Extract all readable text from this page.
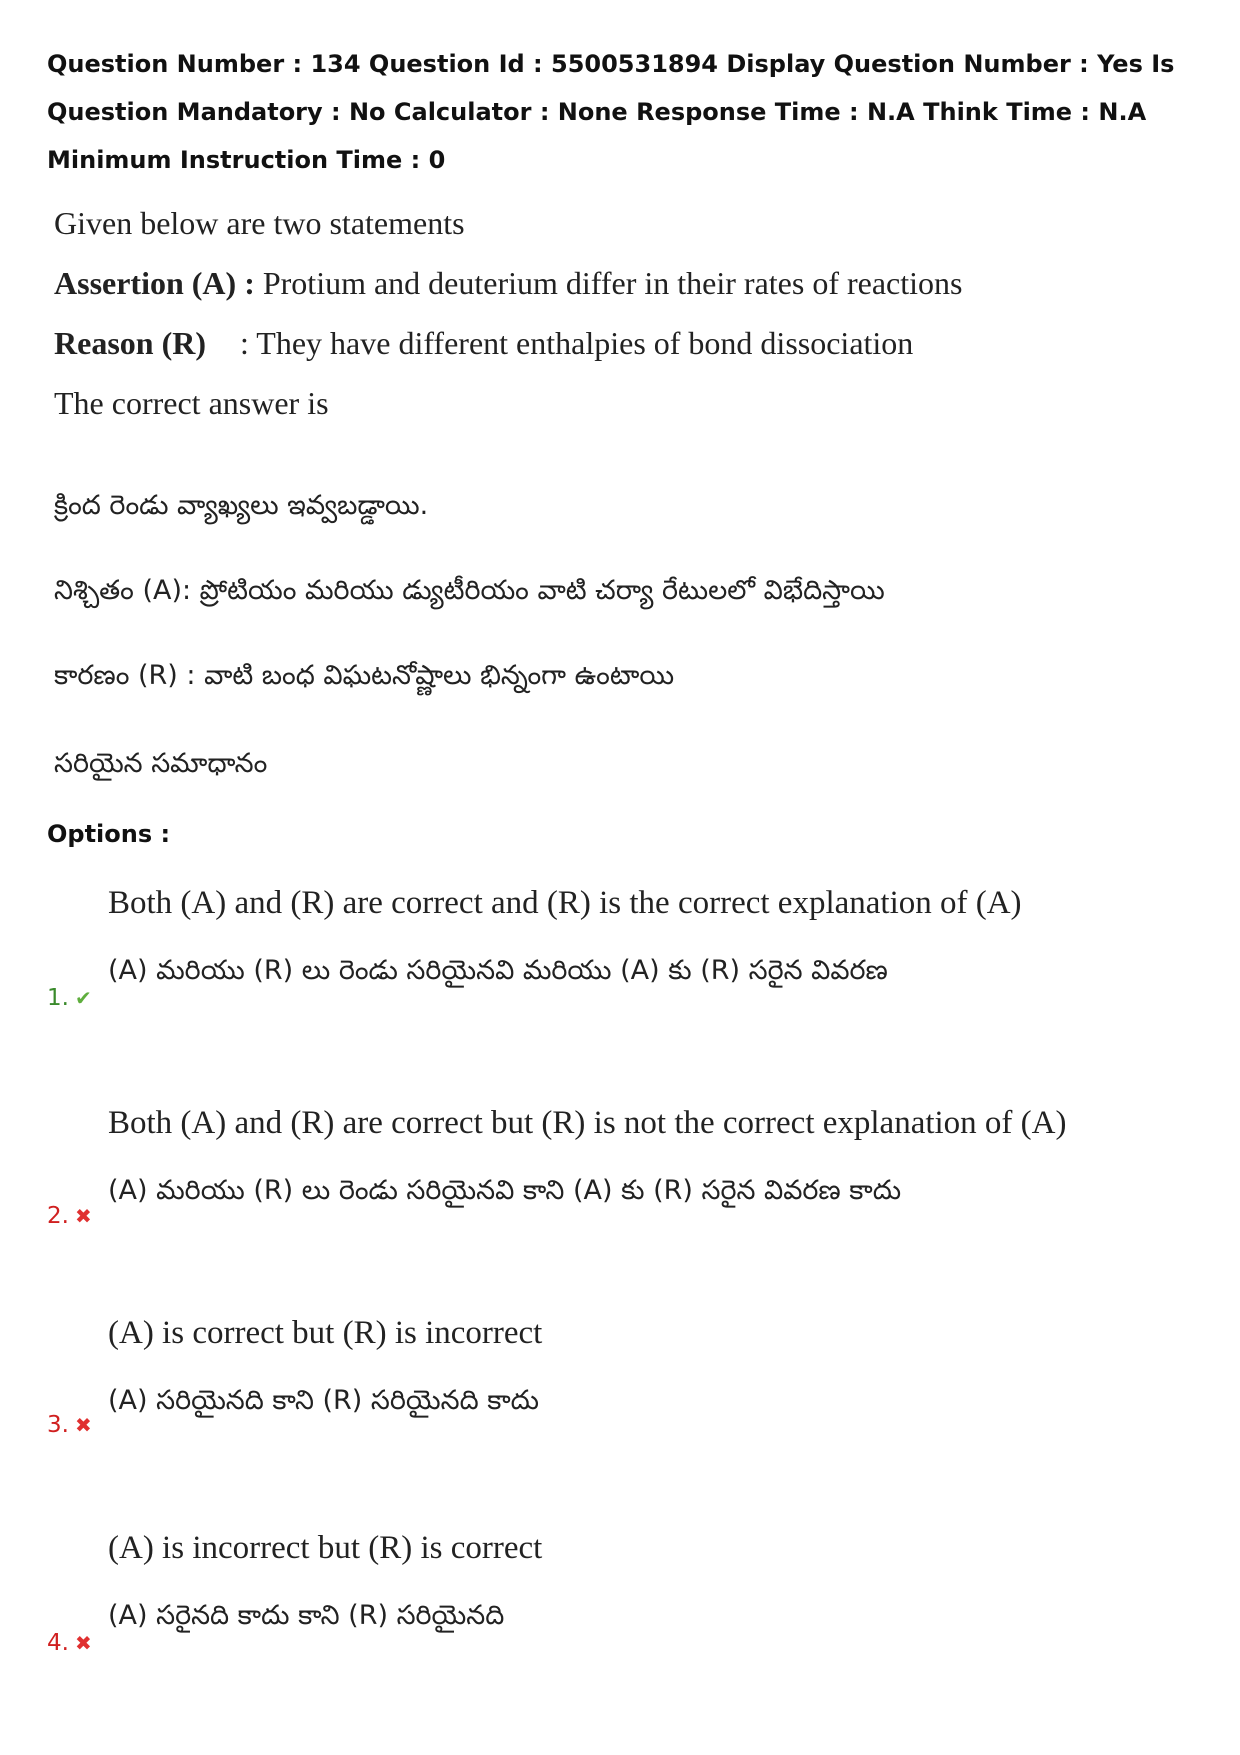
Question Number : 134 Question Id : 5500531894 Display Question Number : Yes Is Question Mandatory : No Calculator : None Response Time : N.A Think Time : N.A Minimum Instruction Time : 0
Given below are two statements
Assertion (A) : Protium and deuterium differ in their rates of reactions
Reason (R) : They have different enthalpies of bond dissociation
The correct answer is
క్రింద రెండు వ్యాఖ్యలు ఇవ్వబడ్డాయి.
నిశ్చితం (A): ప్రోటియం మరియు డ్యుటీరియం వాటి చర్యా రేటులలో విభేదిస్తాయి
కారణం (R) : వాటి బంధ విఘటనోష్ణాలు భిన్నంగా ఉంటాయి
సరియైన సమాధానం
Options :
Both (A) and (R) are correct and (R) is the correct explanation of (A)
(A) మరియు (R) లు రెండు సరియైనవి మరియు (A) కు (R) సరైన వివరణ
1. ✔
Both (A) and (R) are correct but (R) is not the correct explanation of (A)
(A) మరియు (R) లు రెండు సరియైనవి కాని (A) కు (R) సరైన వివరణ కాదు
2. ✖
(A) is correct but (R) is incorrect
(A) సరియైనది కాని (R) సరియైనది కాదు
3. ✖
(A) is incorrect but (R) is correct
(A) సరైనది కాదు కాని (R) సరియైనది
4. ✖
